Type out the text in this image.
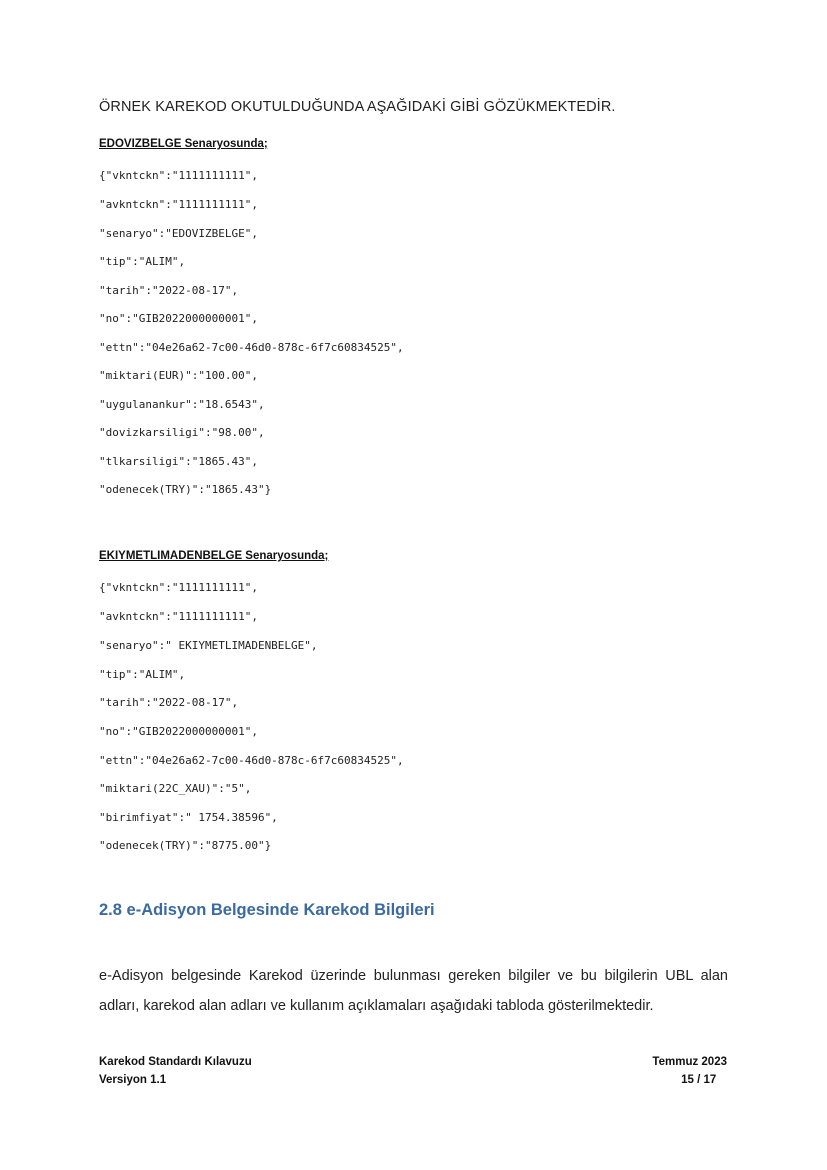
ÖRNEK KAREKOD OKUTULDUĞUNDA AŞAĞIDAKİ GİBİ GÖZÜKMEKTEDİR.
EDOVIZBELGE Senaryosunda;
{"vkntckn":"1111111111",
"avkntckn":"1111111111",
"senaryo":"EDOVIZBELGE",
"tip":"ALIM",
"tarih":"2022-08-17",
"no":"GIB2022000000001",
"ettn":"04e26a62-7c00-46d0-878c-6f7c60834525",
"miktari(EUR)":"100.00",
"uygulanankur":"18.6543",
"dovizkarsiligi":"98.00",
"tlkarsiligi":"1865.43",
"odenecek(TRY)":"1865.43"}
EKIYMETLIMADENBELGE Senaryosunda;
{"vkntckn":"1111111111",
"avkntckn":"1111111111",
"senaryo":" EKIYMETLIMADENBELGE",
"tip":"ALIM",
"tarih":"2022-08-17",
"no":"GIB2022000000001",
"ettn":"04e26a62-7c00-46d0-878c-6f7c60834525",
"miktari(22C_XAU)":"5",
"birimfiyat":" 1754.38596",
"odenecek(TRY)":"8775.00"}
2.8 e-Adisyon Belgesinde Karekod Bilgileri
e-Adisyon belgesinde Karekod üzerinde bulunması gereken bilgiler ve bu bilgilerin UBL alan adları, karekod alan adları ve kullanım açıklamaları aşağıdaki tabloda gösterilmektedir.
Karekod Standardı Kılavuzu
Versiyon 1.1
Temmuz 2023
15 / 17
